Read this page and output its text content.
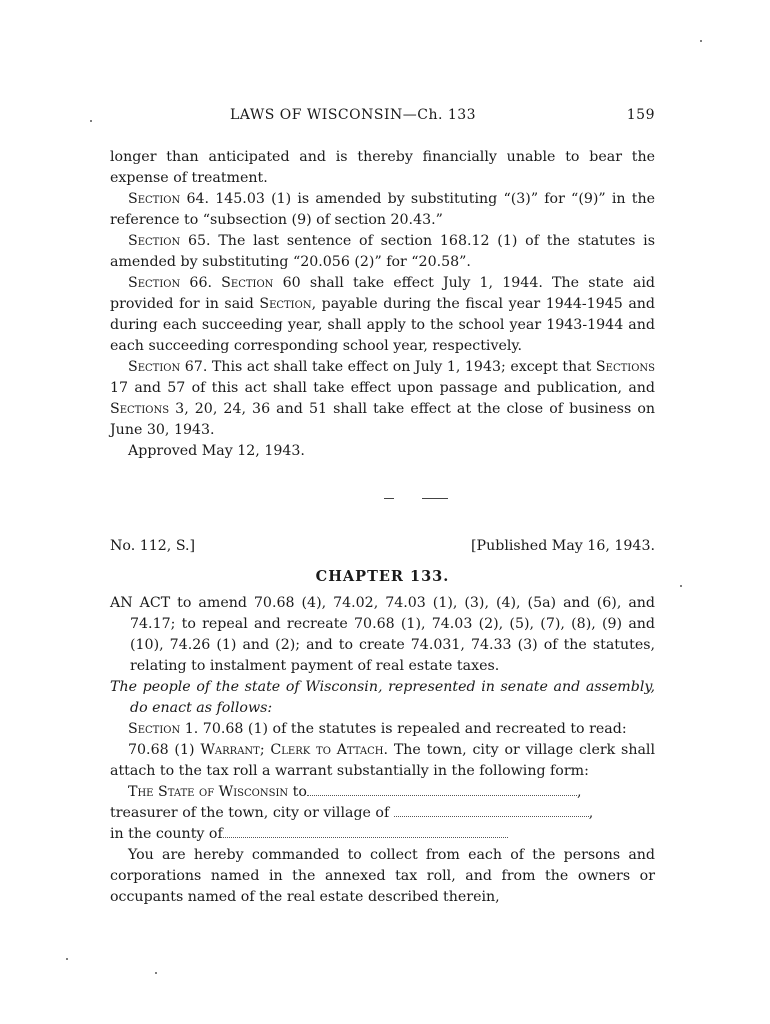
LAWS OF WISCONSIN—Ch. 133	159

longer than anticipated and is thereby financially unable to bear the expense of treatment.

Section 64. 145.03 (1) is amended by substituting “(3)” for “(9)” in the reference to “subsection (9) of section 20.43.”

Section 65. The last sentence of section 168.12 (1) of the statutes is amended by substituting “20.056 (2)” for “20.58”.

Section 66. Section 60 shall take effect July 1, 1944. The state aid provided for in said Section, payable during the fiscal year 1944-1945 and during each succeeding year, shall apply to the school year 1943-1944 and each succeeding corresponding school year, respectively.

Section 67. This act shall take effect on July 1, 1943; except that Sections 17 and 57 of this act shall take effect upon passage and publication, and Sections 3, 20, 24, 36 and 51 shall take effect at the close of business on June 30, 1943.

Approved May 12, 1943.

No. 112, S.]	[Published May 16, 1943.
CHAPTER 133.

AN ACT to amend 70.68 (4), 74.02, 74.03 (1), (3), (4), (5a) and (6), and 74.17; to repeal and recreate 70.68 (1), 74.03 (2), (5), (7), (8), (9) and (10), 74.26 (1) and (2); and to create 74.031, 74.33 (3) of the statutes, relating to instalment payment of real estate taxes.

The people of the state of Wisconsin, represented in senate and assembly, do enact as follows:

Section 1. 70.68 (1) of the statutes is repealed and recreated to read:

70.68 (1) Warrant; Clerk to Attach. The town, city or village clerk shall attach to the tax roll a warrant substantially in the following form:

The State of Wisconsin to	,

treasurer of the town, city or village of	,

in the county of

You are hereby commanded to collect from each of the persons and corporations named in the annexed tax roll, and from the owners or occupants named of the real estate described therein,
